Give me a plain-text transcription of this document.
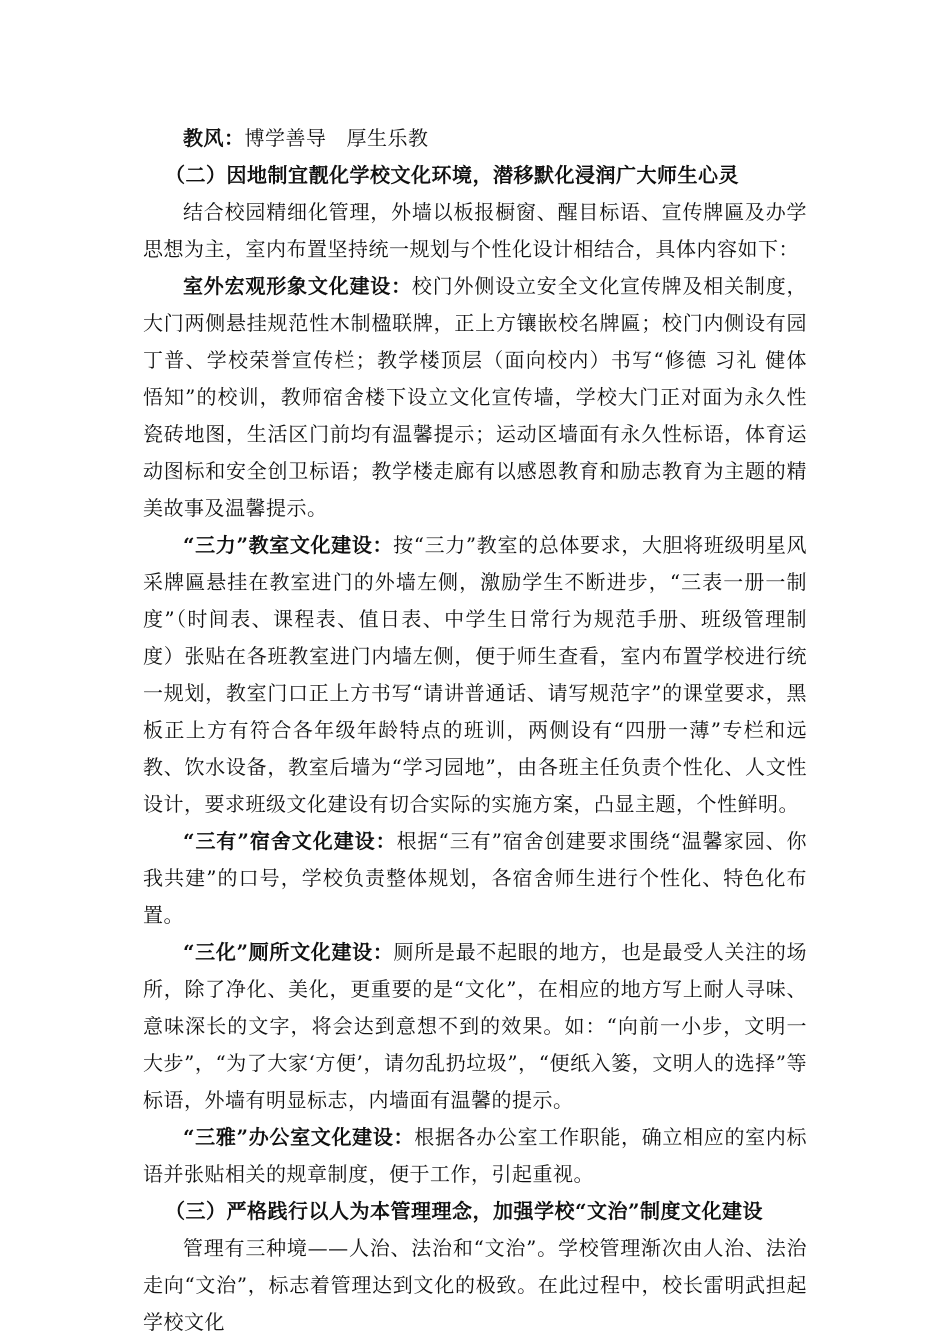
教风：博学善导 厚生乐教

（二）因地制宜靓化学校文化环境，潜移默化浸润广大师生心灵

结合校园精细化管理，外墙以板报橱窗、醒目标语、宣传牌匾及办学思想为主，室内布置坚持统一规划与个性化设计相结合，具体内容如下：

室外宏观形象文化建设：校门外侧设立安全文化宣传牌及相关制度，大门两侧悬挂规范性木制楹联牌，正上方镶嵌校名牌匾；校门内侧设有园丁普、学校荣誉宣传栏；教学楼顶层（面向校内）书写“修德 习礼 健体 悟知”的校训，教师宿舍楼下设立文化宣传墙，学校大门正对面为永久性瓷砖地图，生活区门前均有温馨提示；运动区墙面有永久性标语，体育运动图标和安全创卫标语；教学楼走廊有以感恩教育和励志教育为主题的精美故事及温馨提示。

“三力”教室文化建设：按“三力”教室的总体要求，大胆将班级明星风采牌匾悬挂在教室进门的外墙左侧，激励学生不断进步，“三表一册一制度”（时间表、课程表、值日表、中学生日常行为规范手册、班级管理制度）张贴在各班教室进门内墙左侧，便于师生查看，室内布置学校进行统一规划，教室门口正上方书写“请讲普通话、请写规范字”的课堂要求，黑板正上方有符合各年级年龄特点的班训，两侧设有“四册一薄”专栏和远教、饮水设备，教室后墙为“学习园地”，由各班主任负责个性化、人文性设计，要求班级文化建设有切合实际的实施方案，凸显主题，个性鲜明。

“三有”宿舍文化建设：根据“三有”宿舍创建要求围绕“温馨家园、你我共建”的口号，学校负责整体规划，各宿舍师生进行个性化、特色化布置。

“三化”厕所文化建设：厕所是最不起眼的地方，也是最受人关注的场所，除了净化、美化，更重要的是“文化”，在相应的地方写上耐人寻味、意味深长的文字，将会达到意想不到的效果。如：“向前一小步，文明一大步”，“为了大家‘方便’，请勿乱扔垃圾”，“便纸入篓，文明人的选择”等标语，外墙有明显标志，内墙面有温馨的提示。

“三雅”办公室文化建设：根据各办公室工作职能，确立相应的室内标语并张贴相关的规章制度，便于工作，引起重视。

（三）严格践行以人为本管理理念，加强学校“文治”制度文化建设

管理有三种境——人治、法治和“文治”。学校管理渐次由人治、法治走向“文治”，标志着管理达到文化的极致。在此过程中，校长雷明武担起学校文化
